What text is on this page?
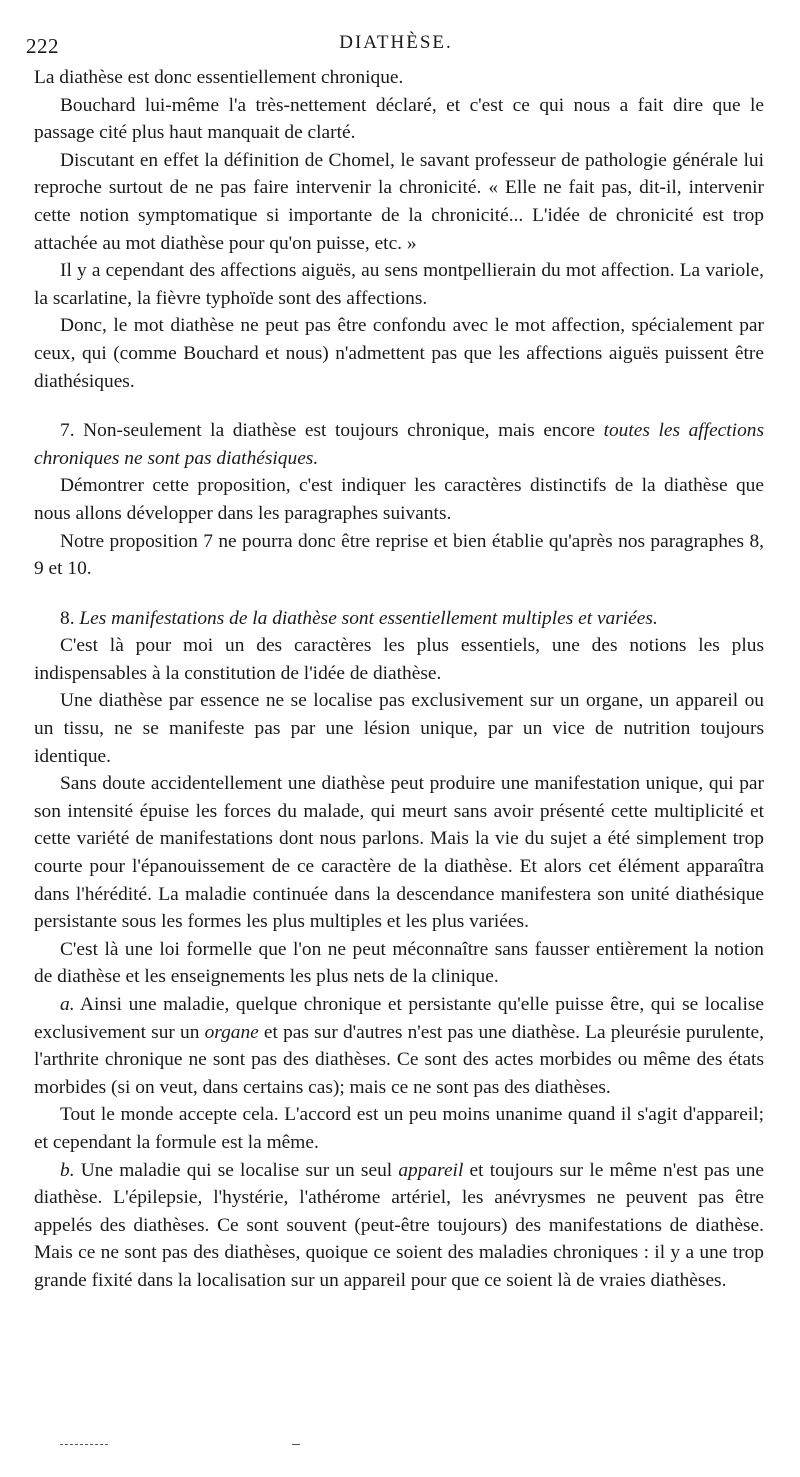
222	DIATHÈSE.

La diathèse est donc essentiellement chronique.

Bouchard lui-même l'a très-nettement déclaré, et c'est ce qui nous a fait dire que le passage cité plus haut manquait de clarté.

Discutant en effet la définition de Chomel, le savant professeur de pathologie générale lui reproche surtout de ne pas faire intervenir la chronicité. « Elle ne fait pas, dit-il, intervenir cette notion symptomatique si importante de la chronicité... L'idée de chronicité est trop attachée au mot diathèse pour qu'on puisse, etc. »

Il y a cependant des affections aiguës, au sens montpellierain du mot affection. La variole, la scarlatine, la fièvre typhoïde sont des affections.

Donc, le mot diathèse ne peut pas être confondu avec le mot affection, spécialement par ceux, qui (comme Bouchard et nous) n'admettent pas que les affections aiguës puissent être diathésiques.

7. Non-seulement la diathèse est toujours chronique, mais encore toutes les affections chroniques ne sont pas diathésiques.

Démontrer cette proposition, c'est indiquer les caractères distinctifs de la diathèse que nous allons développer dans les paragraphes suivants.

Notre proposition 7 ne pourra donc être reprise et bien établie qu'après nos paragraphes 8, 9 et 10.

8. Les manifestations de la diathèse sont essentiellement multiples et variées.

C'est là pour moi un des caractères les plus essentiels, une des notions les plus indispensables à la constitution de l'idée de diathèse.

Une diathèse par essence ne se localise pas exclusivement sur un organe, un appareil ou un tissu, ne se manifeste pas par une lésion unique, par un vice de nutrition toujours identique.

Sans doute accidentellement une diathèse peut produire une manifestation unique, qui par son intensité épuise les forces du malade, qui meurt sans avoir présenté cette multiplicité et cette variété de manifestations dont nous parlons. Mais la vie du sujet a été simplement trop courte pour l'épanouissement de ce caractère de la diathèse. Et alors cet élément apparaîtra dans l'hérédité. La maladie continuée dans la descendance manifestera son unité diathésique persistante sous les formes les plus multiples et les plus variées.

C'est là une loi formelle que l'on ne peut méconnaître sans fausser entièrement la notion de diathèse et les enseignements les plus nets de la clinique.

a. Ainsi une maladie, quelque chronique et persistante qu'elle puisse être, qui se localise exclusivement sur un organe et pas sur d'autres n'est pas une diathèse. La pleurésie purulente, l'arthrite chronique ne sont pas des diathèses. Ce sont des actes morbides ou même des états morbides (si on veut, dans certains cas); mais ce ne sont pas des diathèses.

Tout le monde accepte cela. L'accord est un peu moins unanime quand il s'agit d'appareil; et cependant la formule est la même.

b. Une maladie qui se localise sur un seul appareil et toujours sur le même n'est pas une diathèse. L'épilepsie, l'hystérie, l'athérome artériel, les anévrysmes ne peuvent pas être appelés des diathèses. Ce sont souvent (peut-être toujours) des manifestations de diathèse. Mais ce ne sont pas des diathèses, quoique ce soient des maladies chroniques : il y a une trop grande fixité dans la localisation sur un appareil pour que ce soient là de vraies diathèses.
